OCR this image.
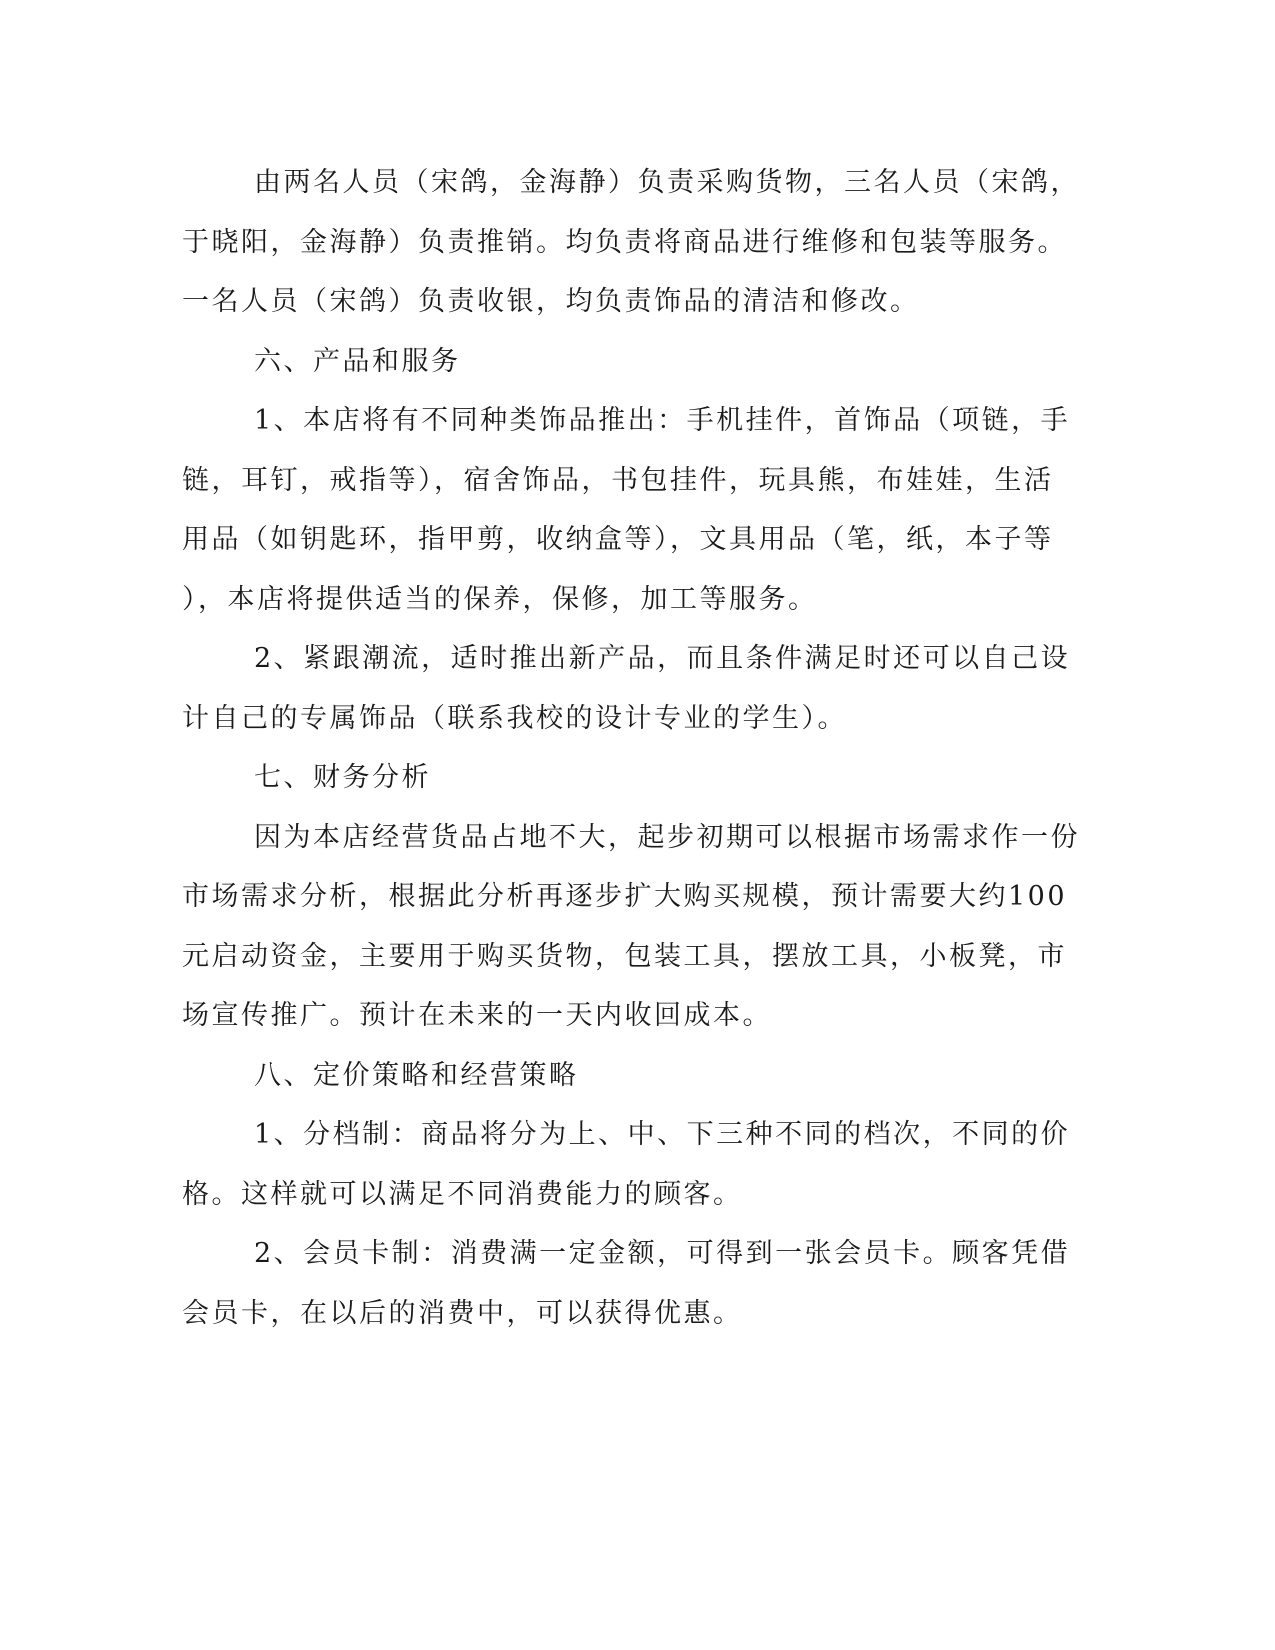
由两名人员（宋鸽，金海静）负责采购货物，三名人员（宋鸽，
于晓阳，金海静）负责推销。均负责将商品进行维修和包装等服务。
一名人员（宋鸽）负责收银，均负责饰品的清洁和修改。
六、产品和服务
1、本店将有不同种类饰品推出：手机挂件，首饰品（项链，手
链，耳钉，戒指等），宿舍饰品，书包挂件，玩具熊，布娃娃，生活
用品（如钥匙环，指甲剪，收纳盒等），文具用品（笔，纸，本子等
），本店将提供适当的保养，保修，加工等服务。
2、紧跟潮流，适时推出新产品，而且条件满足时还可以自己设
计自己的专属饰品（联系我校的设计专业的学生）。
七、财务分析
因为本店经营货品占地不大，起步初期可以根据市场需求作一份
市场需求分析，根据此分析再逐步扩大购买规模，预计需要大约100
元启动资金，主要用于购买货物，包装工具，摆放工具，小板凳，市
场宣传推广。预计在未来的一天内收回成本。
八、定价策略和经营策略
1、分档制：商品将分为上、中、下三种不同的档次，不同的价
格。这样就可以满足不同消费能力的顾客。
2、会员卡制：消费满一定金额，可得到一张会员卡。顾客凭借
会员卡，在以后的消费中，可以获得优惠。
